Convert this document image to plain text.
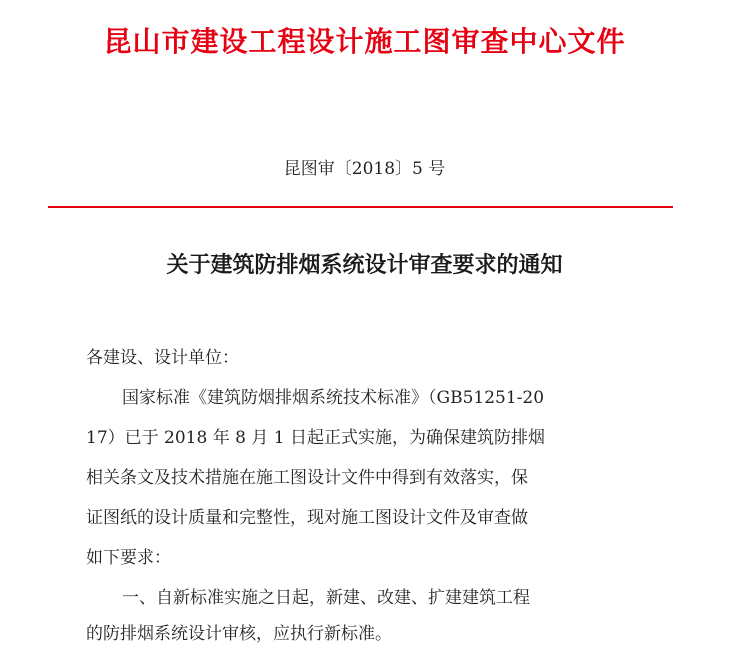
昆山市建设工程设计施工图审查中心文件
昆图审〔2018〕5 号
关于建筑防排烟系统设计审查要求的通知
各建设、设计单位：
国家标准《建筑防烟排烟系统技术标准》（GB51251-20
17）已于 2018 年 8 月 1 日起正式实施，为确保建筑防排烟
相关条文及技术措施在施工图设计文件中得到有效落实，保
证图纸的设计质量和完整性，现对施工图设计文件及审查做
如下要求：
一、自新标准实施之日起，新建、改建、扩建建筑工程
的防排烟系统设计审核，应执行新标准。
